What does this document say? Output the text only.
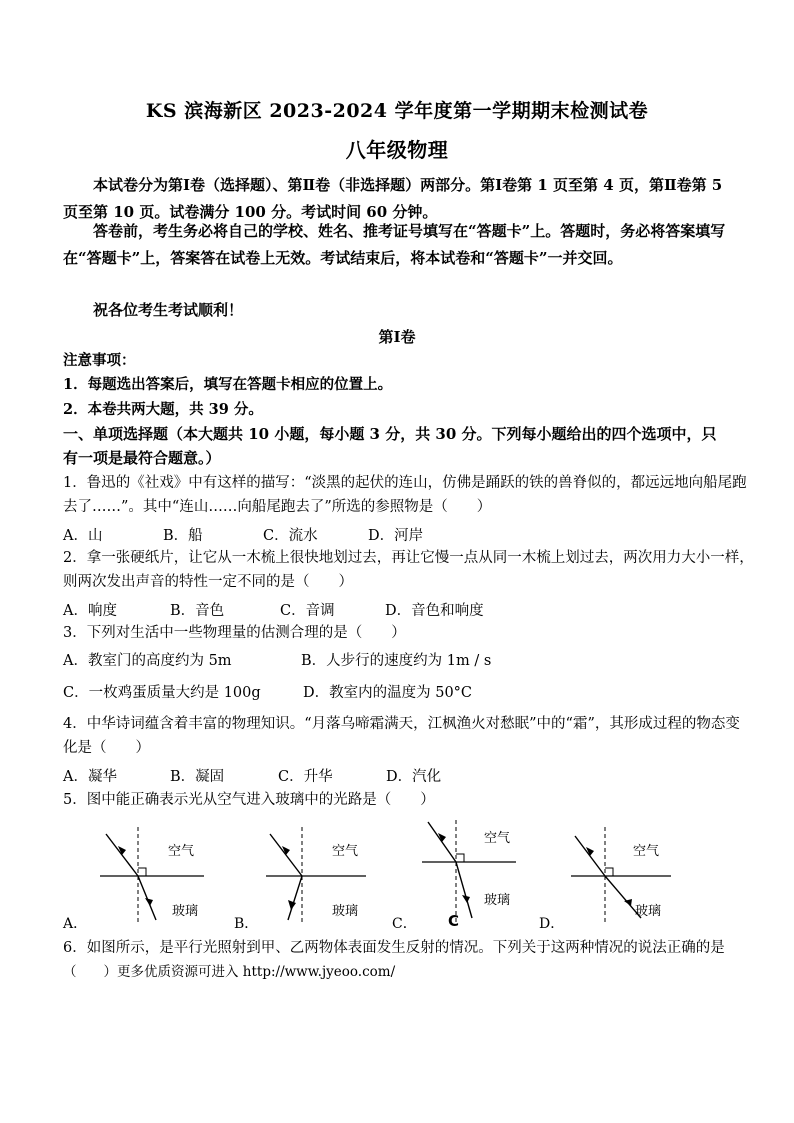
KS 滨海新区 2023-2024 学年度第一学期期末检测试卷
八年级物理
本试卷分为第Ⅰ卷（选择题）、第Ⅱ卷（非选择题）两部分。第Ⅰ卷第 1 页至第 4 页，第Ⅱ卷第 5 页至第 10 页。试卷满分 100 分。考试时间 60 分钟。
答卷前，考生务必将自己的学校、姓名、推考证号填写在“答题卡”上。答题时，务必将答案填写在“答题卡”上，答案答在试卷上无效。考试结束后，将本试卷和“答题卡”一并交回。
祝各位考生考试顺利！
第Ⅰ卷
注意事项：
1．每题选出答案后，填写在答题卡相应的位置上。
2．本卷共两大题，共 39 分。
一、单项选择题（本大题共 10 小题，每小题 3 分，共 30 分。下列每小题给出的四个选项中，只有一项是最符合题意。）
1．鲁迅的《社戏》中有这样的描写：“淡黑的起伏的连山，仿佛是踊跃的铁的兽脊似的，都远远地向船尾跑
去了……”。其中“连山……向船尾跑去了”所选的参照物是（　　）
A．山	B．船	C．流水	D．河岸
2．拿一张硬纸片，让它从一木梳上很快地划过去，再让它慢一点从同一木梳上划过去，两次用力大小一样，
则两次发出声音的特性一定不同的是（　　）
A．响度	B．音色	C．音调	D．音色和响度
3．下列对生活中一些物理量的估测合理的是（　　）
A．教室门的高度约为 5m	B．人步行的速度约为 1m / s
C．一枚鸡蛋质量大约是 100g	D．教室内的温度为 50°C
4．中华诗词蕴含着丰富的物理知识。“月落乌啼霜满天，江枫渔火对愁眠”中的“霜”，其形成过程的物态变
化是（　　）
A．凝华	B．凝固	C．升华	D．汽化
5．图中能正确表示光从空气进入玻璃中的光路是（　　）
空气
玻璃
A．
空气
玻璃
B．
空气
玻璃
C
C．
空气
玻璃
D．
6．如图所示，是平行光照射到甲、乙两物体表面发生反射的情况。下列关于这两种情况的说法正确的是
（　　）更多优质资源可进入 http://www.jyeoo.com/
